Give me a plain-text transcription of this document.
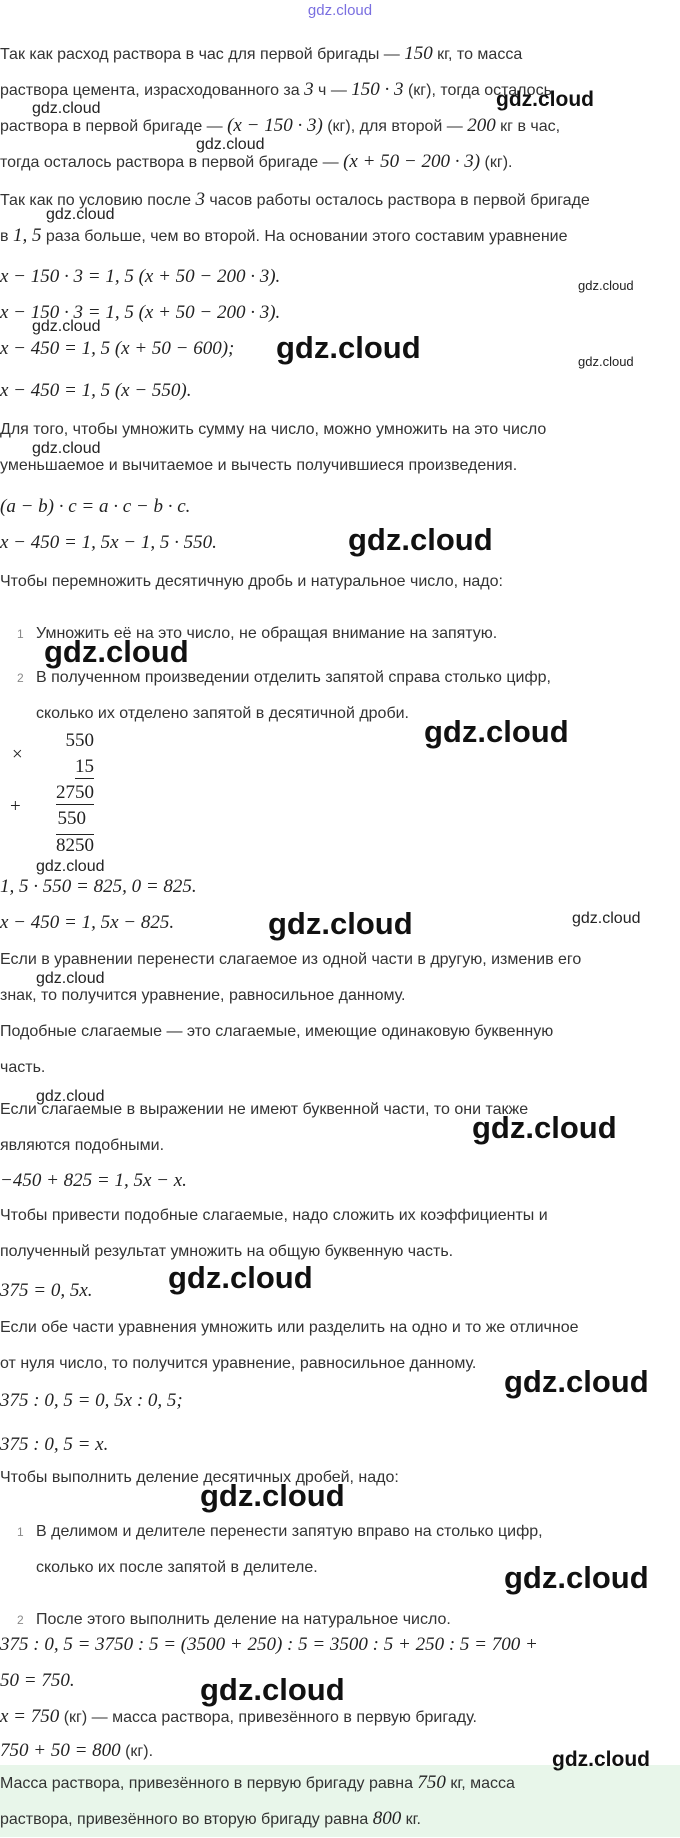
gdz.cloud

Так как расход раствора в час для первой бригады — 150 кг, то масса

раствора цемента, израсходованного за 3 ч — 150 · 3 (кг), тогда осталось

раствора в первой бригаде — (x − 150 · 3) (кг), для второй — 200 кг в час,

тогда осталось раствора в первой бригаде — (x + 50 − 200 · 3) (кг).

Так как по условию после 3 часов работы осталось раствора в первой бригаде

в 1, 5 раза больше, чем во второй. На основании этого составим уравнение

x − 150 · 3 = 1, 5 (x + 50 − 200 · 3).
x − 150 · 3 = 1, 5 (x + 50 − 200 · 3).
x − 450 = 1, 5 (x + 50 − 600);
x − 450 = 1, 5 (x − 550).

Для того, чтобы умножить сумму на число, можно умножить на это число

уменьшаемое и вычитаемое и вычесть получившиеся произведения.

(a − b) · c = a · c − b · c.
x − 450 = 1, 5x − 1, 5 · 550.

Чтобы перемножить десятичную дробь и натуральное число, надо:

1 Умножить её на это число, не обращая внимание на запятую.
2 В полученном произведении отделить запятой справа столько цифр,
сколько их отделено запятой в десятичной дроби.
×
+
550
15
2750
550
8250
1, 5 · 550 = 825, 0 = 825.
x − 450 = 1, 5x − 825.

Если в уравнении перенести слагаемое из одной части в другую, изменив его

знак, то получится уравнение, равносильное данному.

Подобные слагаемые — это слагаемые, имеющие одинаковую буквенную

часть.

Если слагаемые в выражении не имеют буквенной части, то они также

являются подобными.

−450 + 825 = 1, 5x − x.

Чтобы привести подобные слагаемые, надо сложить их коэффициенты и

полученный результат умножить на общую буквенную часть.

375 = 0, 5x.

Если обе части уравнения умножить или разделить на одно и то же отличное

от нуля число, то получится уравнение, равносильное данному.

375 : 0, 5 = 0, 5x : 0, 5;
375 : 0, 5 = x.

Чтобы выполнить деление десятичных дробей, надо:

1 В делимом и делителе перенести запятую вправо на столько цифр,
сколько их после запятой в делителе.
2 После этого выполнить деление на натуральное число.
375 : 0, 5 = 3750 : 5 = (3500 + 250) : 5 = 3500 : 5 + 250 : 5 = 700 +
50 = 750.
x = 750 (кг) — масса раствора, привезённого в первую бригаду.
750 + 50 = 800 (кг).

Масса раствора, привезённого в первую бригаду равна 750 кг, масса

раствора, привезённого во вторую бригаду равна 800 кг.

gdz.cloud
gdz.cloud
gdz.cloud
gdz.cloud
gdz.cloud
gdz.cloud
gdz.cloud	gdz.cloud
gdz.cloud
gdz.cloud
gdz.cloud
gdz.cloud
gdz.cloud
gdz.cloud
gdz.cloud
gdz.cloud
gdz.cloud
gdz.cloud
gdz.cloud
gdz.cloud
gdz.cloud
gdz.cloud
gdz.cloud
gdz.cloud
